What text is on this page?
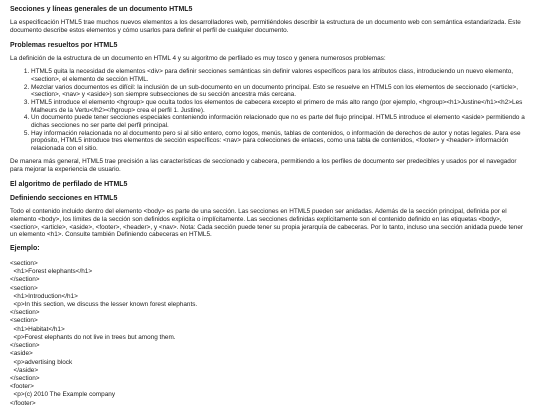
Secciones y líneas generales de un documento HTML5

La especificación HTML5 trae muchos nuevos elementos a los desarrolladores web, permitiéndoles describir la estructura de un documento web con semántica estandarizada. Este documento describe estos elementos y cómo usarlos para definir el perfil de cualquier documento.

Problemas resueltos por HTML5

La definición de la estructura de un documento en HTML 4 y su algoritmo de perfilado es muy tosco y genera numerosos problemas:

1. HTML5 quita la necesidad de elementos <div> para definir secciones semánticas sin definir valores específicos para los atributos class, introduciendo un nuevo elemento, <section>, el elemento de sección HTML.
2. Mezclar varios documentos es difícil: la inclusión de un sub-documento en un documento principal. Esto se resuelve en HTML5 con los elementos de seccionado (<article>, <section>, <nav> y <aside>) son siempre subsecciones de su sección ancestra más cercana.
3. HTML5 introduce el elemento <hgroup> que oculta todos los elementos de cabecera excepto el primero de más alto rango (por ejemplo, <hgroup><h1>Justine</h1><h2>Les Malheurs de la Vertu</h2></hgroup> crea el perfil 1. Justine).
4. Un documento puede tener secciones especiales conteniendo información relacionado que no es parte del flujo principal. HTML5 introduce el elemento <aside> permitiendo a dichas secciones no ser parte del perfil principal.
5. Hay información relacionada no al documento pero si al sitio entero, como logos, menús, tablas de contenidos, o información de derechos de autor y notas legales. Para ese propósito, HTML5 introduce tres elementos de sección específicos: <nav> para colecciones de enlaces, como una tabla de contenidos, <footer> y <header> información relacionada con el sitio.

De manera más general, HTML5 trae precisión a las características de seccionado y cabecera, permitiendo a los perfiles de documento ser predecibles y usados por el navegador para mejorar la experiencia de usuario.

El algoritmo de perfilado de HTML5
Definiendo secciones en HTML5

Todo el contenido incluido dentro del elemento <body> es parte de una sección. Las secciones en HTML5 pueden ser anidadas. Además de la sección principal, definida por el elemento <body>, los límites de la sección son definidos explícita o implícitamente. Las secciones definidas explícitamente son el contenido definido en las etiquetas <body>, <section>, <article>, <aside>, <footer>, <header>, y <nav>. Nota: Cada sección puede tener su propia jerarquía de cabeceras. Por lo tanto, incluso una sección anidada puede tener un elemento <h1>. Consulte también Definiendo cabeceras en HTML5.

Ejemplo:
<section>
<h1>Forest elephants</h1>
</section>
<section>
<h1>Introduction</h1>
<p>In this section, we discuss the lesser known forest elephants.
</section>
<section>
<h1>Habitat</h1>
<p>Forest elephants do not live in trees but among them.
</section>
<aside>
<p>advertising block
</aside>
</section>
<footer>
<p>(c) 2010 The Example company
</footer>
